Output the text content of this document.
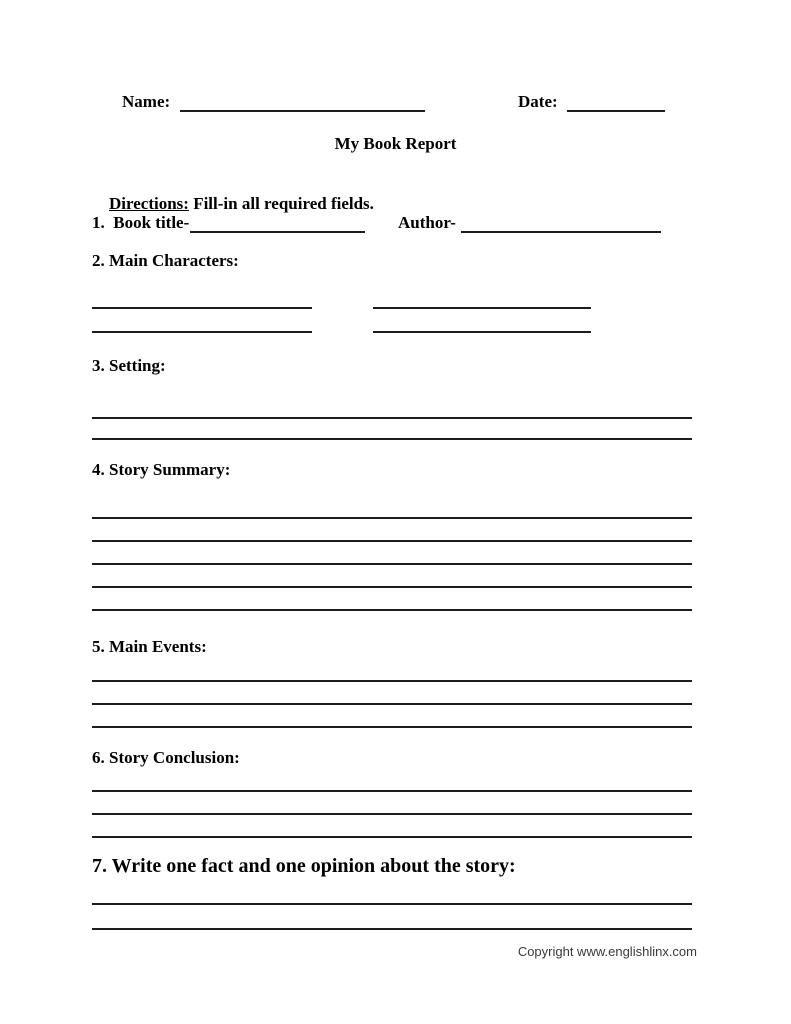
Name:	Date:
My Book Report

Directions: Fill-in all required fields.

1.  Book title-	Author-
2. Main Characters:
3. Setting:
4. Story Summary:
5. Main Events:
6. Story Conclusion:
7. Write one fact and one opinion about the story:
Copyright www.englishlinx.com
